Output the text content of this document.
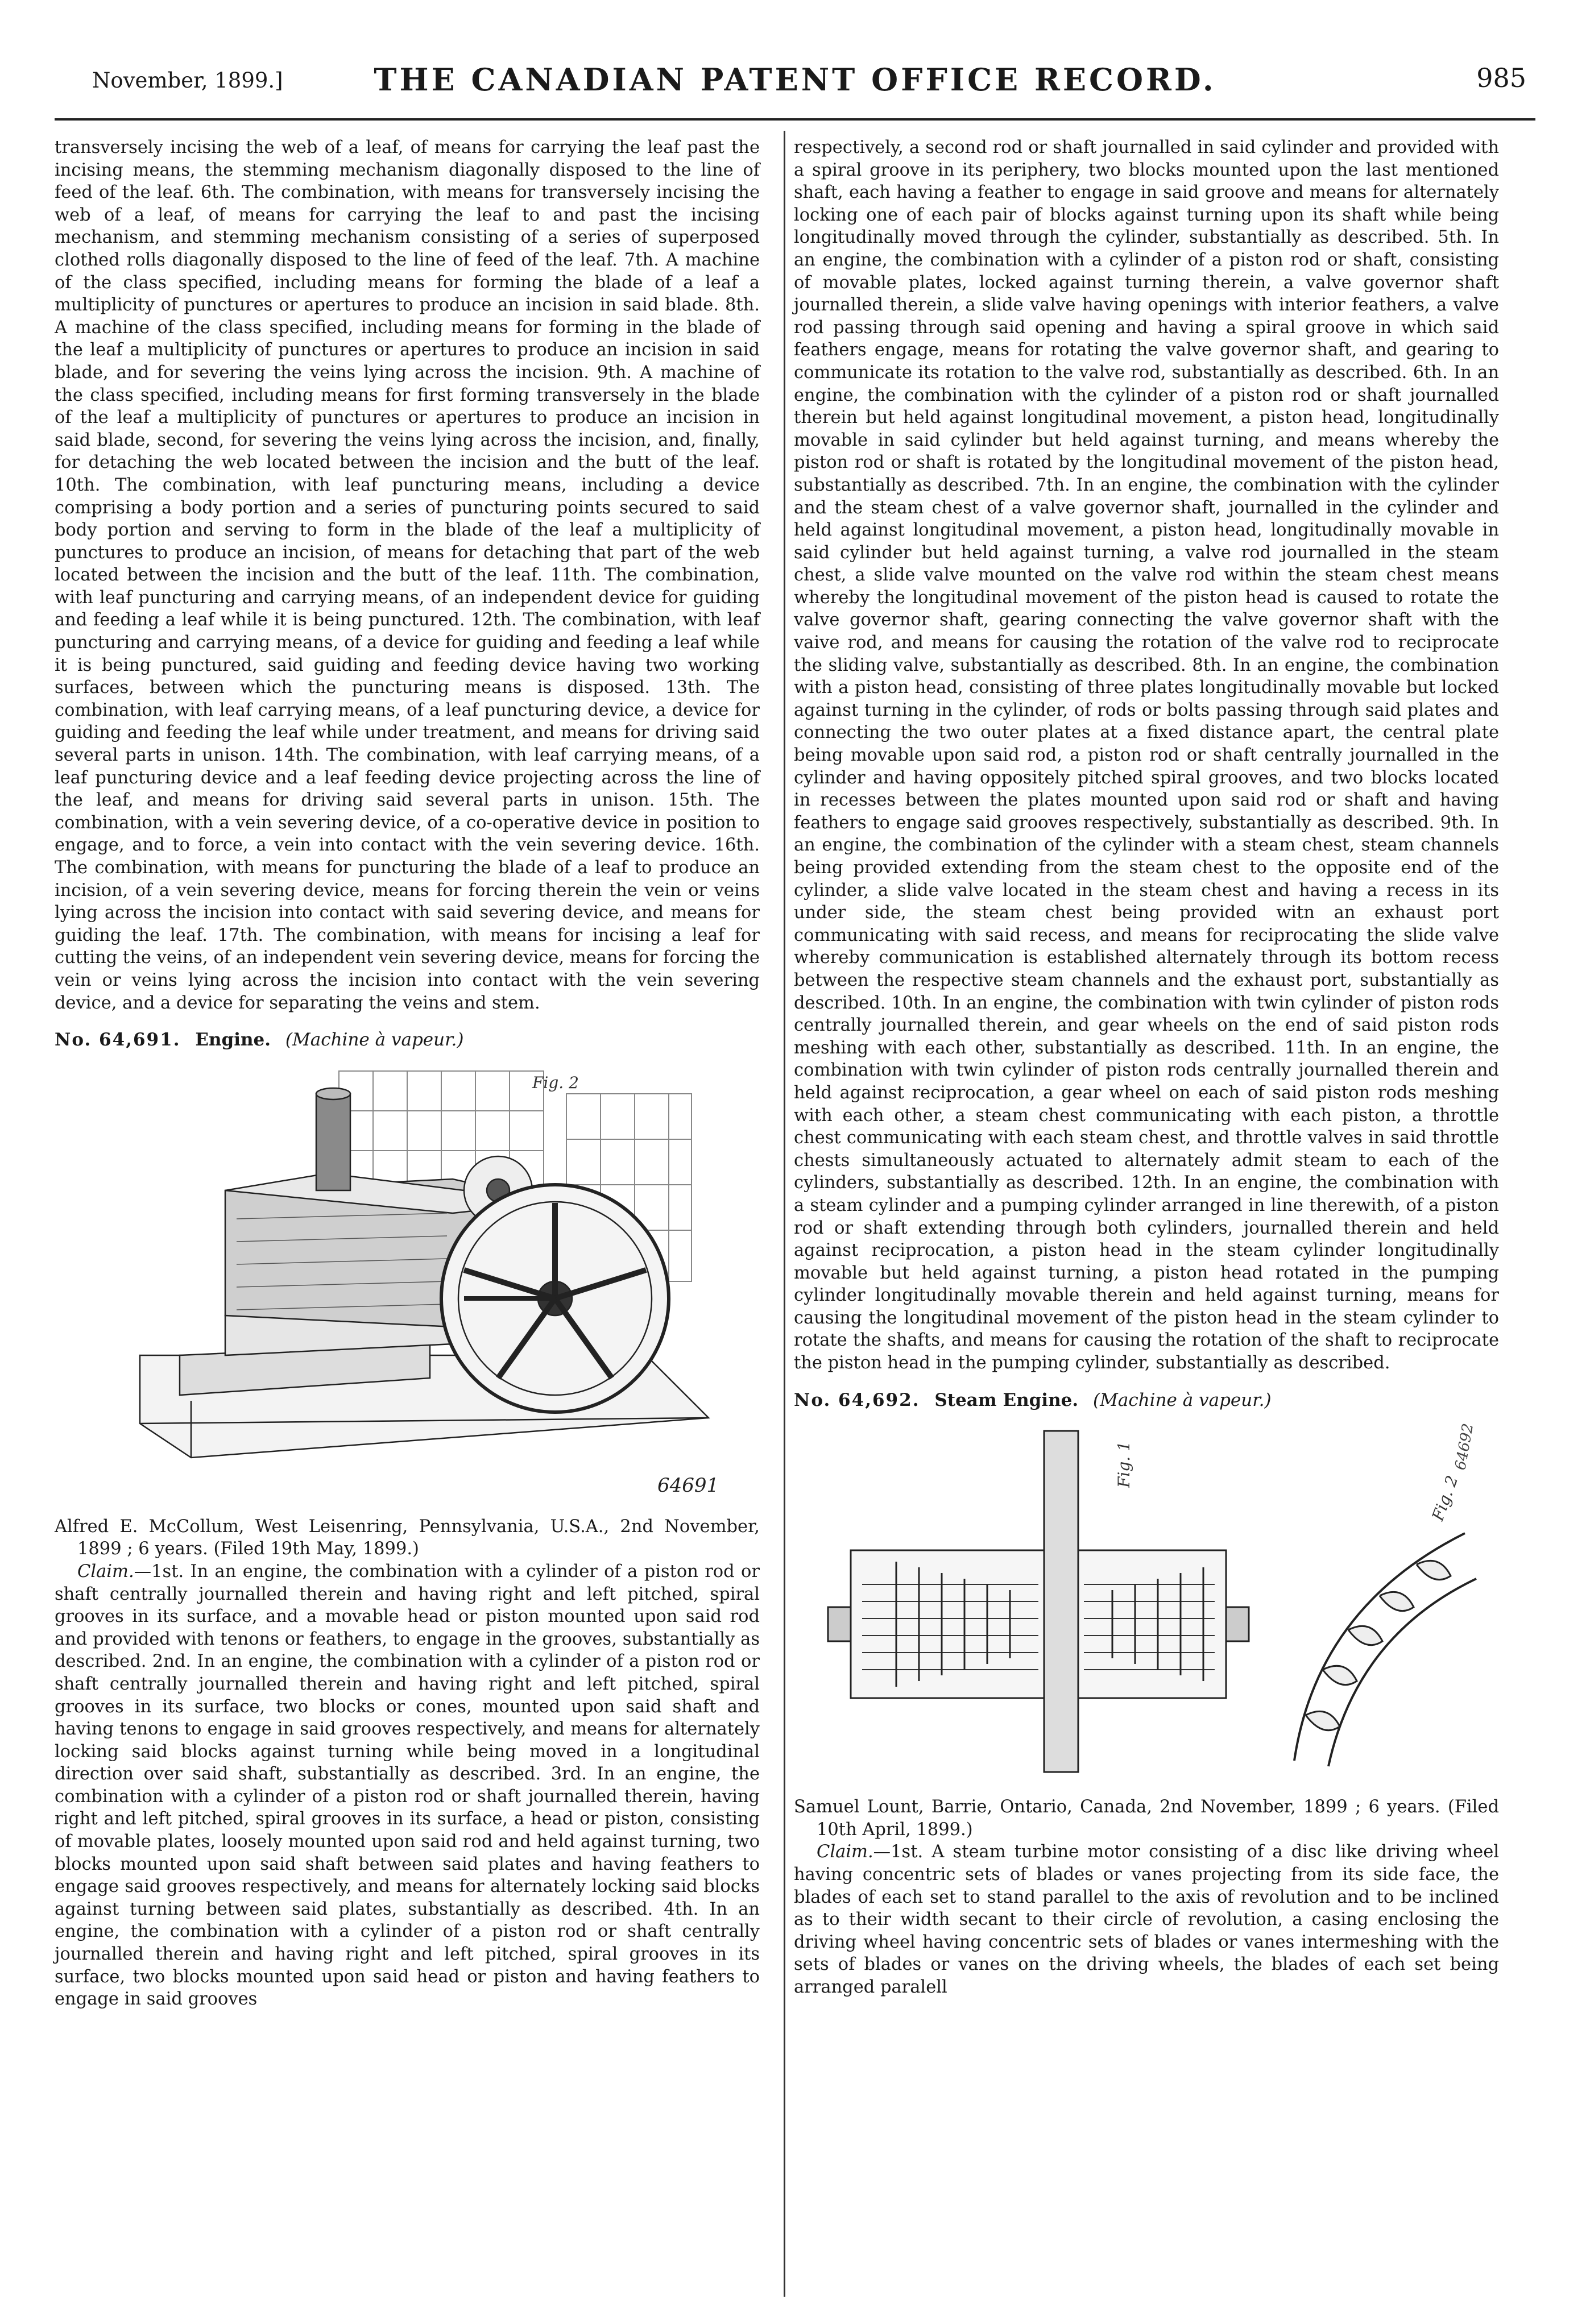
November, 1899.]	THE CANADIAN PATENT OFFICE RECORD.	985

transversely incising the web of a leaf, of means for carrying the leaf past the incising means, the stemming mechanism diagonally disposed to the line of feed of the leaf. 6th. The combination, with means for transversely incising the web of a leaf, of means for carrying the leaf to and past the incising mechanism, and stemming mechanism consisting of a series of superposed clothed rolls diagonally disposed to the line of feed of the leaf. 7th. A machine of the class specified, including means for forming the blade of a leaf a multiplicity of punctures or apertures to produce an incision in said blade. 8th. A machine of the class specified, including means for forming in the blade of the leaf a multiplicity of punctures or apertures to produce an incision in said blade, and for severing the veins lying across the incision. 9th. A machine of the class specified, including means for first forming transversely in the blade of the leaf a multiplicity of punctures or apertures to produce an incision in said blade, second, for severing the veins lying across the incision, and, finally, for detaching the web located between the incision and the butt of the leaf. 10th. The combination, with leaf puncturing means, including a device comprising a body portion and a series of puncturing points secured to said body portion and serving to form in the blade of the leaf a multiplicity of punctures to produce an incision, of means for detaching that part of the web located between the incision and the butt of the leaf. 11th. The combination, with leaf puncturing and carrying means, of an independent device for guiding and feeding a leaf while it is being punctured. 12th. The combination, with leaf puncturing and carrying means, of a device for guiding and feeding a leaf while it is being punctured, said guiding and feeding device having two working surfaces, between which the puncturing means is disposed. 13th. The combination, with leaf carrying means, of a leaf puncturing device, a device for guiding and feeding the leaf while under treatment, and means for driving said several parts in unison. 14th. The combination, with leaf carrying means, of a leaf puncturing device and a leaf feeding device projecting across the line of the leaf, and means for driving said several parts in unison. 15th. The combination, with a vein severing device, of a co-operative device in position to engage, and to force, a vein into contact with the vein severing device. 16th. The combination, with means for puncturing the blade of a leaf to produce an incision, of a vein severing device, means for forcing therein the vein or veins lying across the incision into contact with said severing device, and means for guiding the leaf. 17th. The combination, with means for incising a leaf for cutting the veins, of an independent vein severing device, means for forcing the vein or veins lying across the incision into contact with the vein severing device, and a device for separating the veins and stem.

No. 64,691. Engine. (Machine à vapeur.)
Fig. 2
64691

Alfred E. McCollum, West Leisenring, Pennsylvania, U.S.A., 2nd November, 1899 ; 6 years. (Filed 19th May, 1899.)

Claim.—1st. In an engine, the combination with a cylinder of a piston rod or shaft centrally journalled therein and having right and left pitched, spiral grooves in its surface, and a movable head or piston mounted upon said rod and provided with tenons or feathers, to engage in the grooves, substantially as described. 2nd. In an engine, the combination with a cylinder of a piston rod or shaft centrally journalled therein and having right and left pitched, spiral grooves in its surface, two blocks or cones, mounted upon said shaft and having tenons to engage in said grooves respectively, and means for alternately locking said blocks against turning while being moved in a longitudinal direction over said shaft, substantially as described. 3rd. In an engine, the combination with a cylinder of a piston rod or shaft journalled therein, having right and left pitched, spiral grooves in its surface, a head or piston, consisting of movable plates, loosely mounted upon said rod and held against turning, two blocks mounted upon said shaft between said plates and having feathers to engage said grooves respectively, and means for alternately locking said blocks against turning between said plates, substantially as described. 4th. In an engine, the combination with a cylinder of a piston rod or shaft centrally journalled therein and having right and left pitched, spiral grooves in its surface, two blocks mounted upon said head or piston and having feathers to engage in said grooves

respectively, a second rod or shaft journalled in said cylinder and provided with a spiral groove in its periphery, two blocks mounted upon the last mentioned shaft, each having a feather to engage in said groove and means for alternately locking one of each pair of blocks against turning upon its shaft while being longitudinally moved through the cylinder, substantially as described. 5th. In an engine, the combination with a cylinder of a piston rod or shaft, consisting of movable plates, locked against turning therein, a valve governor shaft journalled therein, a slide valve having openings with interior feathers, a valve rod passing through said opening and having a spiral groove in which said feathers engage, means for rotating the valve governor shaft, and gearing to communicate its rotation to the valve rod, substantially as described. 6th. In an engine, the combination with the cylinder of a piston rod or shaft journalled therein but held against longitudinal movement, a piston head, longitudinally movable in said cylinder but held against turning, and means whereby the piston rod or shaft is rotated by the longitudinal movement of the piston head, substantially as described. 7th. In an engine, the combination with the cylinder and the steam chest of a valve governor shaft, journalled in the cylinder and held against longitudinal movement, a piston head, longitudinally movable in said cylinder but held against turning, a valve rod journalled in the steam chest, a slide valve mounted on the valve rod within the steam chest means whereby the longitudinal movement of the piston head is caused to rotate the valve governor shaft, gearing connecting the valve governor shaft with the vaive rod, and means for causing the rotation of the valve rod to reciprocate the sliding valve, substantially as described. 8th. In an engine, the combination with a piston head, consisting of three plates longitudinally movable but locked against turning in the cylinder, of rods or bolts passing through said plates and connecting the two outer plates at a fixed distance apart, the central plate being movable upon said rod, a piston rod or shaft centrally journalled in the cylinder and having oppositely pitched spiral grooves, and two blocks located in recesses between the plates mounted upon said rod or shaft and having feathers to engage said grooves respectively, substantially as described. 9th. In an engine, the combination of the cylinder with a steam chest, steam channels being provided extending from the steam chest to the opposite end of the cylinder, a slide valve located in the steam chest and having a recess in its under side, the steam chest being provided witn an exhaust port communicating with said recess, and means for reciprocating the slide valve whereby communication is established alternately through its bottom recess between the respective steam channels and the exhaust port, substantially as described. 10th. In an engine, the combination with twin cylinder of piston rods centrally journalled therein, and gear wheels on the end of said piston rods meshing with each other, substantially as described. 11th. In an engine, the combination with twin cylinder of piston rods centrally journalled therein and held against reciprocation, a gear wheel on each of said piston rods meshing with each other, a steam chest communicating with each piston, a throttle chest communicating with each steam chest, and throttle valves in said throttle chests simultaneously actuated to alternately admit steam to each of the cylinders, substantially as described. 12th. In an engine, the combination with a steam cylinder and a pumping cylinder arranged in line therewith, of a piston rod or shaft extending through both cylinders, journalled therein and held against reciprocation, a piston head in the steam cylinder longitudinally movable but held against turning, a piston head rotated in the pumping cylinder longitudinally movable therein and held against turning, means for causing the longitudinal movement of the piston head in the steam cylinder to rotate the shafts, and means for causing the rotation of the shaft to reciprocate the piston head in the pumping cylinder, substantially as described.

No. 64,692. Steam Engine. (Machine à vapeur.)
Fig. 1
Fig. 2
64692

Samuel Lount, Barrie, Ontario, Canada, 2nd November, 1899 ; 6 years. (Filed 10th April, 1899.)

Claim.—1st. A steam turbine motor consisting of a disc like driving wheel having concentric sets of blades or vanes projecting from its side face, the blades of each set to stand parallel to the axis of revolution and to be inclined as to their width secant to their circle of revolution, a casing enclosing the driving wheel having concentric sets of blades or vanes intermeshing with the sets of blades or vanes on the driving wheels, the blades of each set being arranged paralell
